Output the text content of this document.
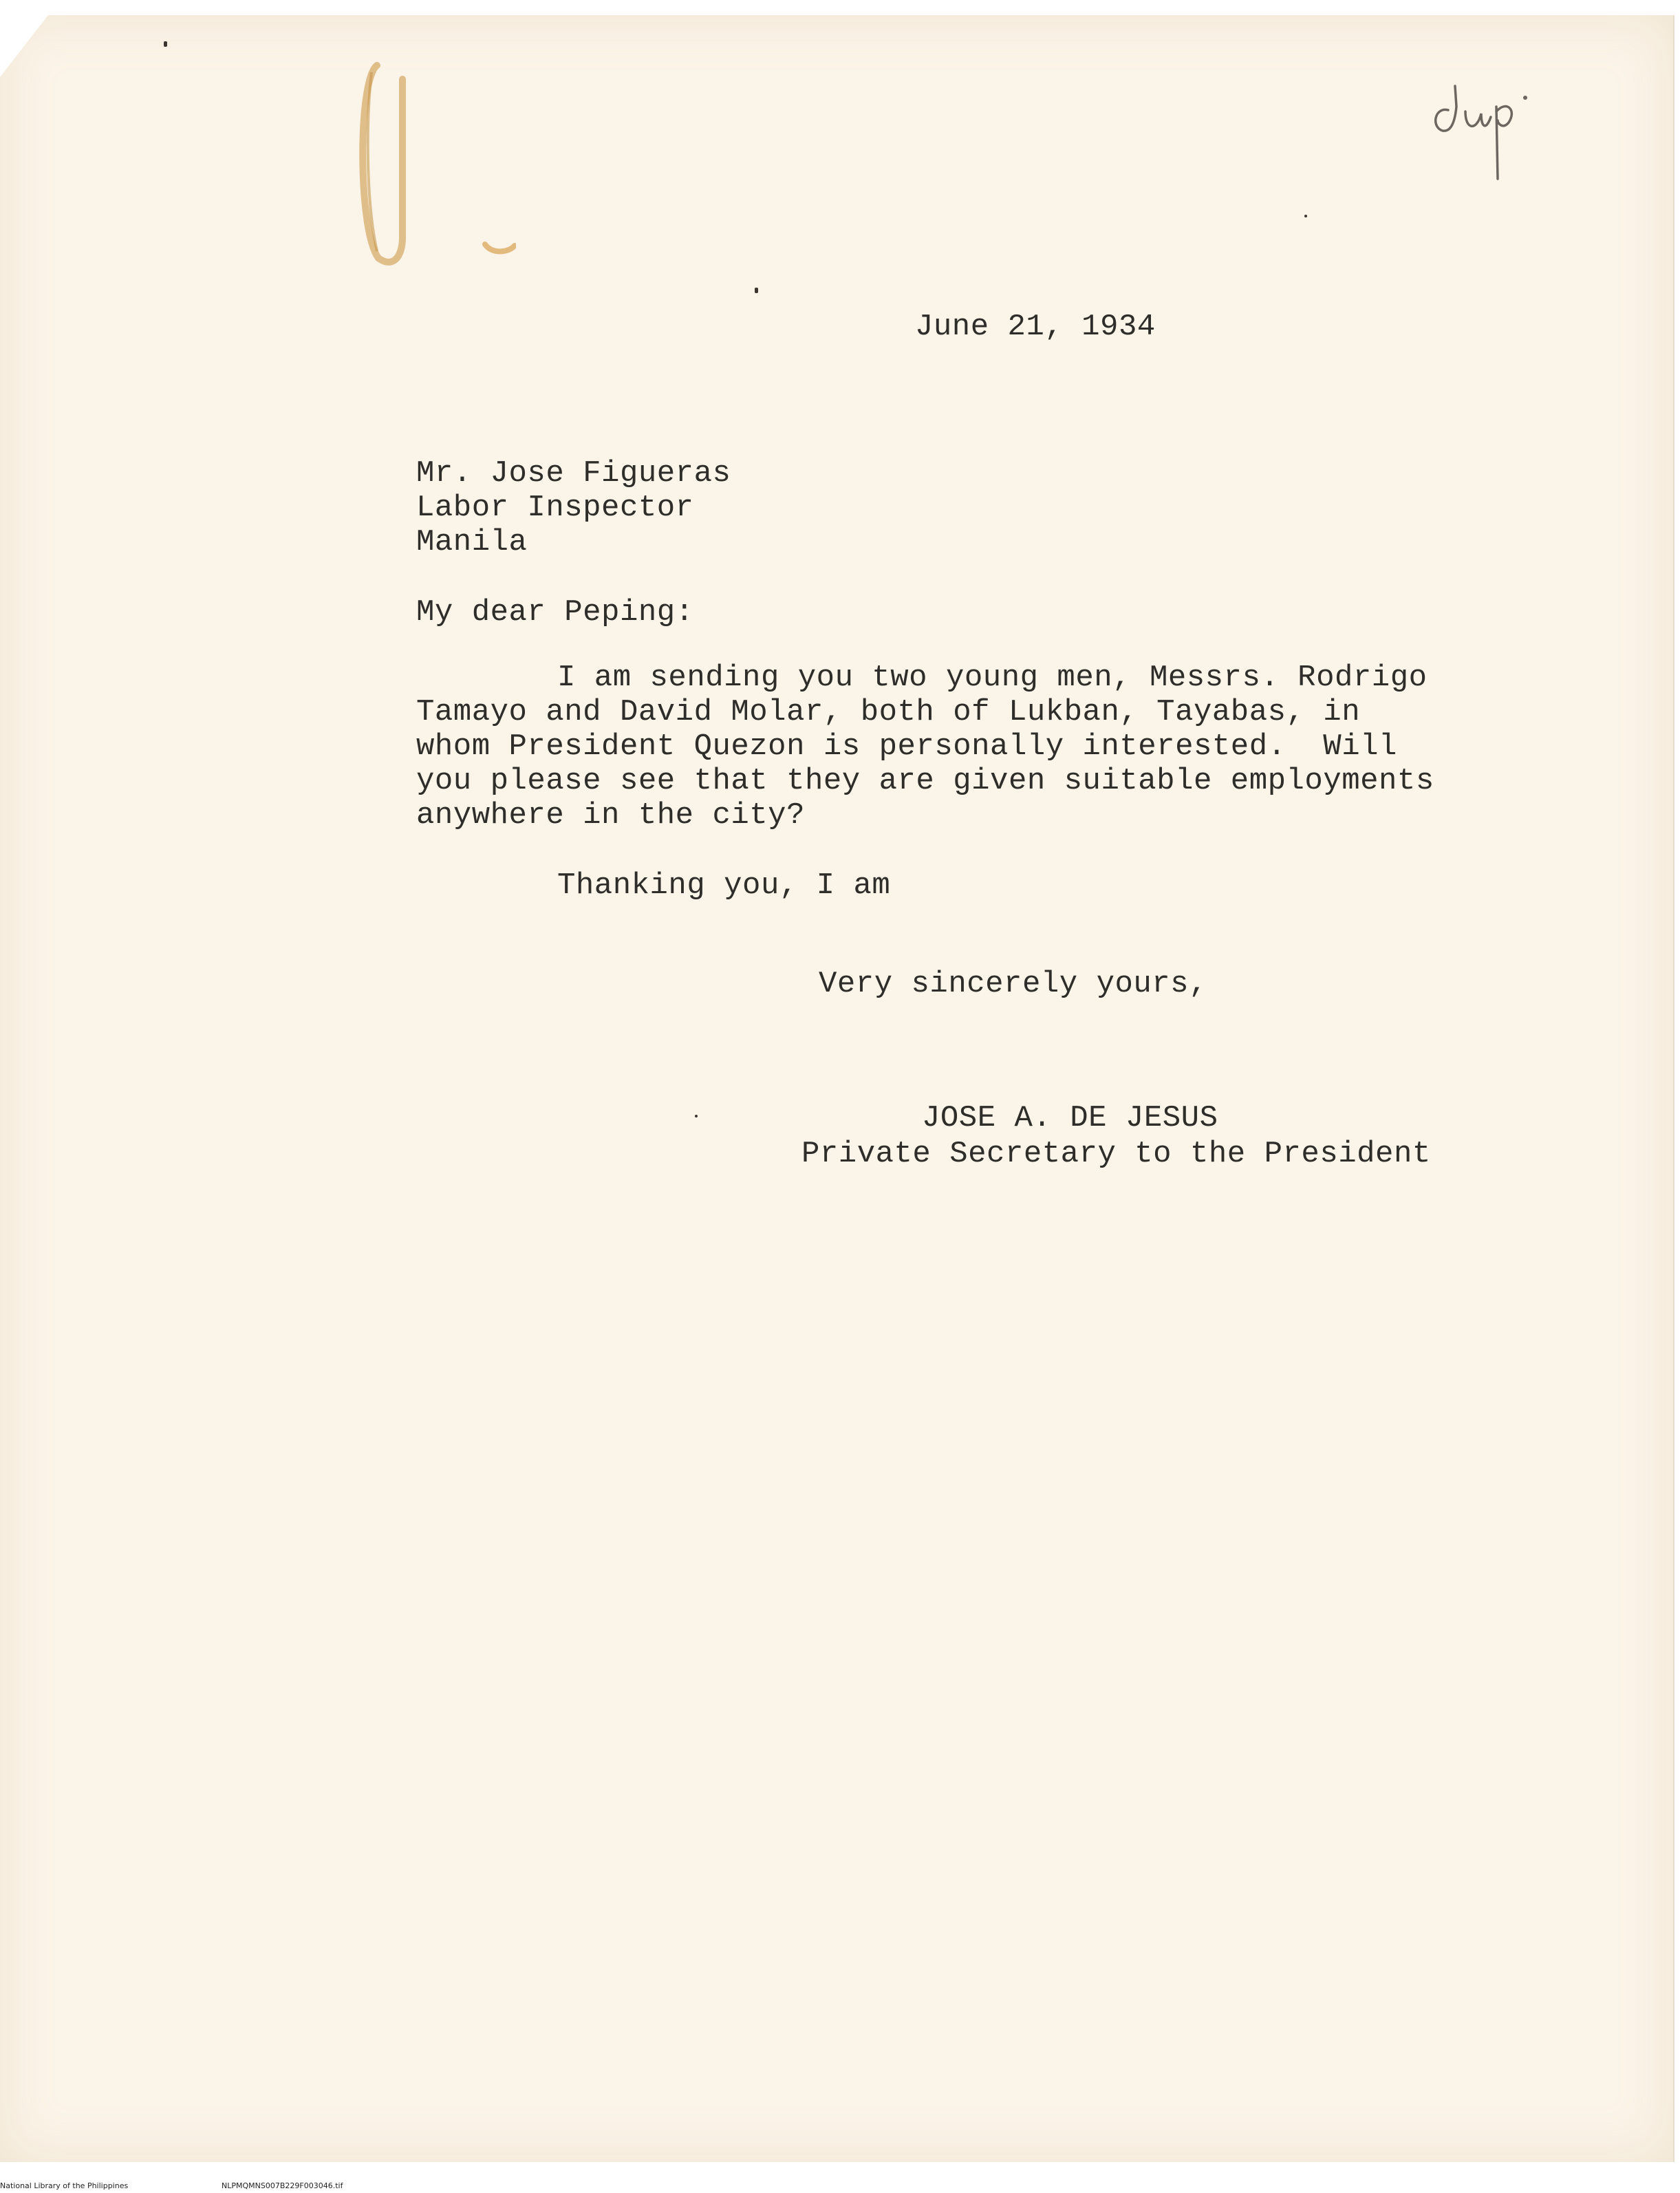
June 21, 1934
Mr. Jose Figueras
Labor Inspector
Manila
My dear Peping:
I am sending you two young men, Messrs. Rodrigo
Tamayo and David Molar, both of Lukban, Tayabas, in
whom President Quezon is personally interested.  Will
you please see that they are given suitable employments
anywhere in the city?
Thanking you, I am
Very sincerely yours,
JOSE A. DE JESUS
Private Secretary to the President
National Library of the Philippines	NLPMQMNS007B229F003046.tif
